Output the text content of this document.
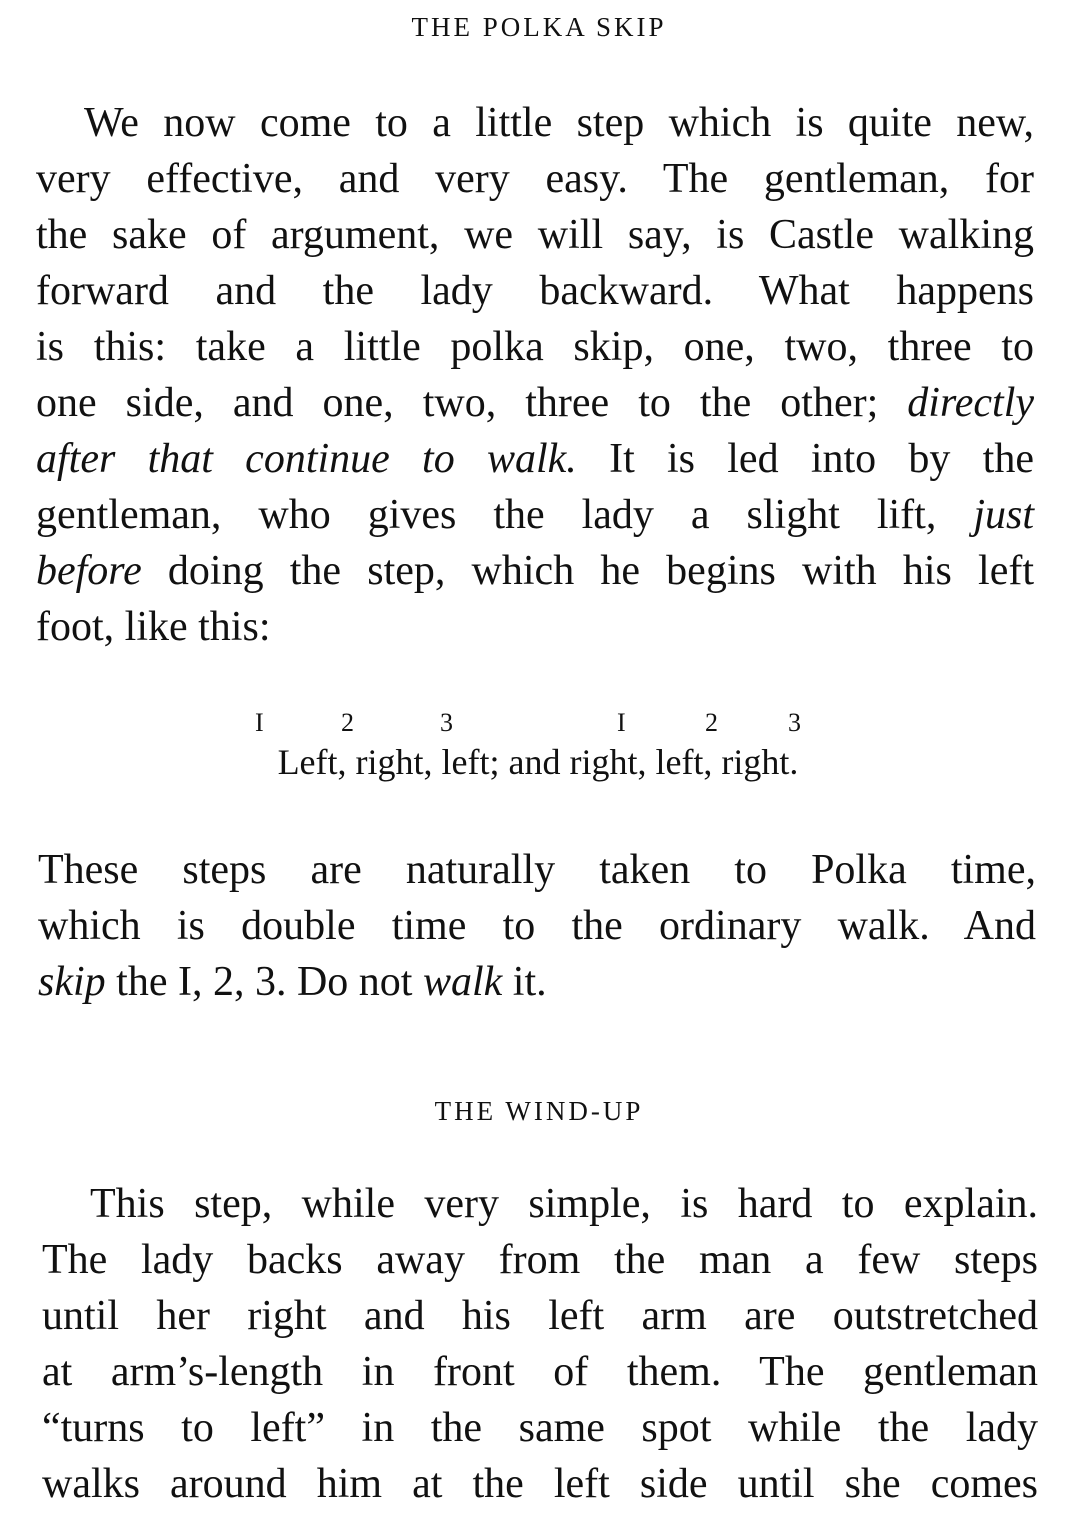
THE POLKA SKIP
We now come to a little step which is quite new,
very effective, and very easy. The gentleman, for
the sake of argument, we will say, is Castle walking
forward and the lady backward. What happens
is this: take a little polka skip, one, two, three to
one side, and one, two, three to the other; directly
after that continue to walk. It is led into by the
gentleman, who gives the lady a slight lift, just
before doing the step, which he begins with his left
foot, like this:
I	2	3	I	2	3
Left, right, left; and right, left, right.
These steps are naturally taken to Polka time,
which is double time to the ordinary walk. And
skip the I, 2, 3. Do not walk it.
THE WIND-UP
This step, while very simple, is hard to explain.
The lady backs away from the man a few steps
until her right and his left arm are outstretched
at arm’s-length in front of them. The gentleman
“turns to left” in the same spot while the lady
walks around him at the left side until she comes
